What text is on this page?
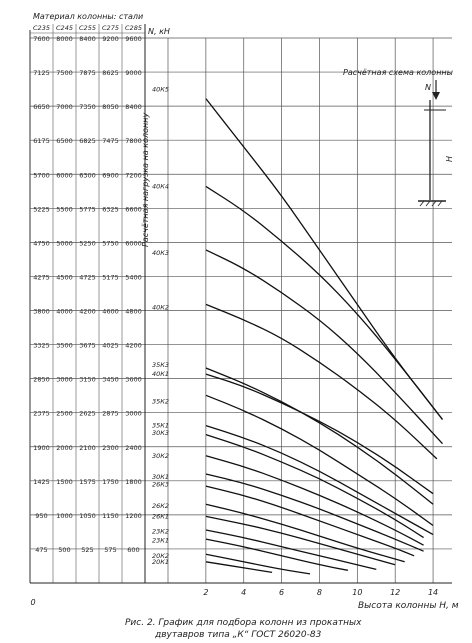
Материал колонны: стали
С235 С245 С255 С275 С285
475 500 525 575 600
950 1000 1050 1150 1200
1425 1500 1575 1750 1800
1900 2000 2100 2300 2400
2375 2500 2625 2875 3000
2850 3000 3150 3450 3600
3325 3500 3675 4025 4200
3800 4000 4200 4600 4800
4275 4500 4725 5175 5400
4750 5000 5250 5750 6000
5225 5500 5775 6325 6600
5700 6000 6300 6900 7200
6175 6500 6825 7475 7800
6650 7000 7350 8050 8400
7125 7500 7875 8625 9000
7600 8000 8400 9200 9600
N, кН
Расчётная нагрузка на колонну
40К5
40К4
40К3
40К2
35К3
40К1
35К2
35К1
30К3
30К2
30К1
26К3
26К2
26К1
23К2
23К1
20К2
20К1
2	4	6	8	10	12	14
0	Высота колонны H, м
Расчётная схема колонны
N
H
Рис. 2. График для подбора колонн из прокатных
двутавров типа „К“ ГОСТ 26020-83
